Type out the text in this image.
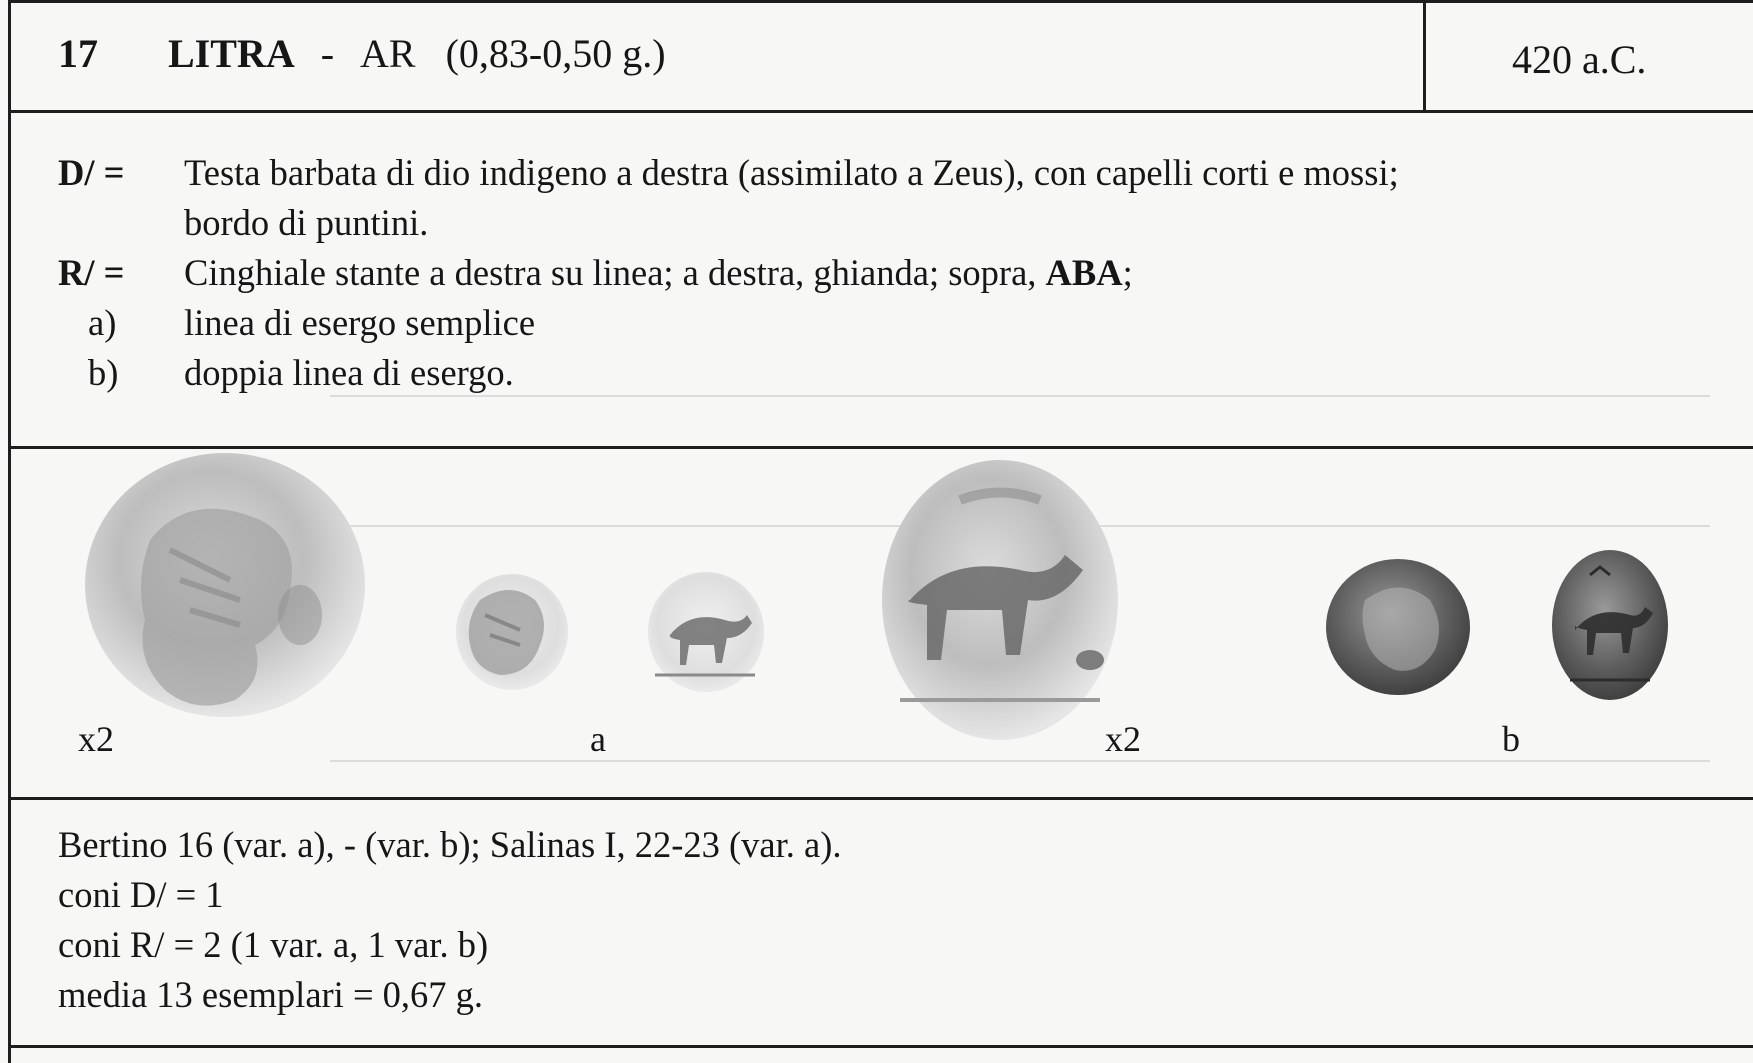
17 LITRA - AR   (0,83-0,50 g.)	420 a.C.
D/ =	Testa barbata di dio indigeno a destra (assimilato a Zeus), con capelli corti e mossi;
bordo di puntini.
R/ =	Cinghiale stante a destra su linea; a destra, ghianda; sopra, ABA;
a)	linea di esergo semplice
b)	doppia linea di esergo.
x2	a	x2	b
Bertino 16 (var. a), - (var. b); Salinas I, 22-23 (var. a).
coni D/ = 1
coni R/ = 2 (1 var. a, 1 var. b)
media 13 esemplari = 0,67 g.
